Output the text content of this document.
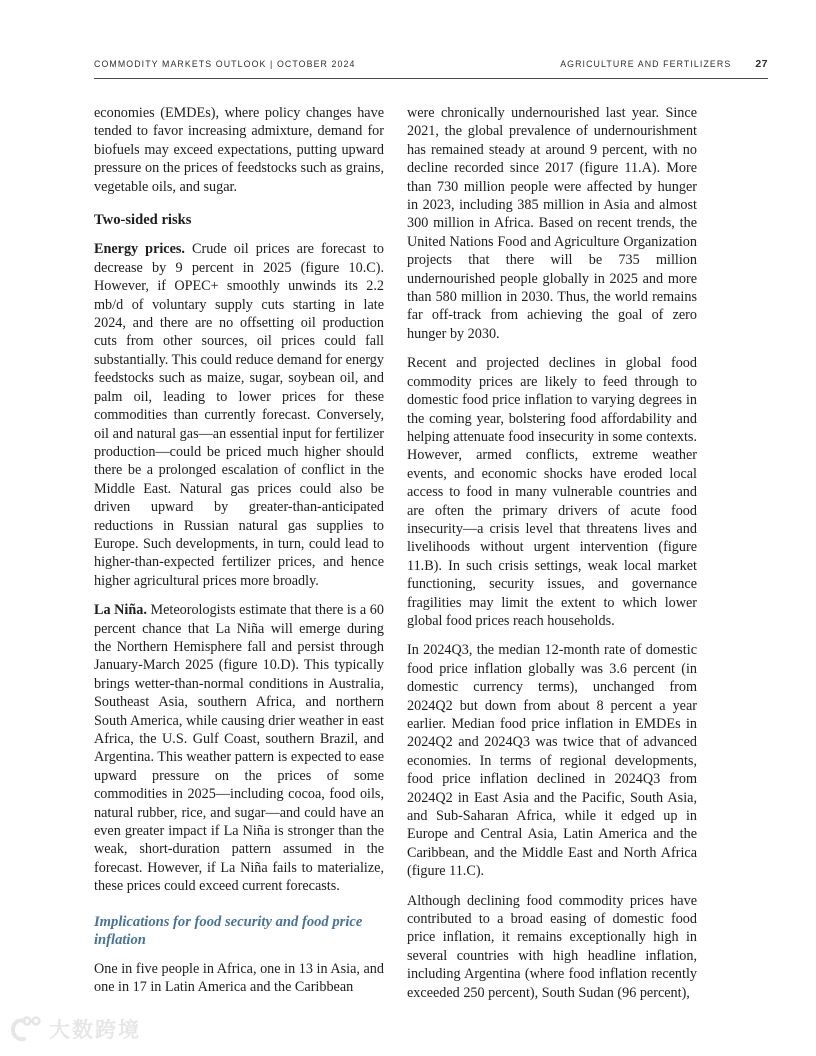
COMMODITY MARKETS OUTLOOK | OCTOBER 2024	AGRICULTURE AND FERTILIZERS 27

economies (EMDEs), where policy changes have tended to favor increasing admixture, demand for biofuels may exceed expectations, putting upward pressure on the prices of feedstocks such as grains, vegetable oils, and sugar.

Two-sided risks

Energy prices. Crude oil prices are forecast to decrease by 9 percent in 2025 (figure 10.C). However, if OPEC+ smoothly unwinds its 2.2 mb/d of voluntary supply cuts starting in late 2024, and there are no offsetting oil production cuts from other sources, oil prices could fall substantially. This could reduce demand for energy feedstocks such as maize, sugar, soybean oil, and palm oil, leading to lower prices for these commodities than currently forecast. Conversely, oil and natural gas—an essential input for fertilizer production—could be priced much higher should there be a prolonged escalation of conflict in the Middle East. Natural gas prices could also be driven upward by greater-than-anticipated reductions in Russian natural gas supplies to Europe. Such developments, in turn, could lead to higher-than-expected fertilizer prices, and hence higher agricultural prices more broadly.

La Niña. Meteorologists estimate that there is a 60 percent chance that La Niña will emerge during the Northern Hemisphere fall and persist through January-March 2025 (figure 10.D). This typically brings wetter-than-normal conditions in Australia, Southeast Asia, southern Africa, and northern South America, while causing drier weather in east Africa, the U.S. Gulf Coast, southern Brazil, and Argentina. This weather pattern is expected to ease upward pressure on the prices of some commodities in 2025—including cocoa, food oils, natural rubber, rice, and sugar—and could have an even greater impact if La Niña is stronger than the weak, short-duration pattern assumed in the forecast. However, if La Niña fails to materialize, these prices could exceed current forecasts.

Implications for food security and food price inflation

One in five people in Africa, one in 13 in Asia, and one in 17 in Latin America and the Caribbean

were chronically undernourished last year. Since 2021, the global prevalence of undernourishment has remained steady at around 9 percent, with no decline recorded since 2017 (figure 11.A). More than 730 million people were affected by hunger in 2023, including 385 million in Asia and almost 300 million in Africa. Based on recent trends, the United Nations Food and Agriculture Organization projects that there will be 735 million undernourished people globally in 2025 and more than 580 million in 2030. Thus, the world remains far off-track from achieving the goal of zero hunger by 2030.

Recent and projected declines in global food commodity prices are likely to feed through to domestic food price inflation to varying degrees in the coming year, bolstering food affordability and helping attenuate food insecurity in some contexts. However, armed conflicts, extreme weather events, and economic shocks have eroded local access to food in many vulnerable countries and are often the primary drivers of acute food insecurity—a crisis level that threatens lives and livelihoods without urgent intervention (figure 11.B). In such crisis settings, weak local market functioning, security issues, and governance fragilities may limit the extent to which lower global food prices reach households.

In 2024Q3, the median 12-month rate of domestic food price inflation globally was 3.6 percent (in domestic currency terms), unchanged from 2024Q2 but down from about 8 percent a year earlier. Median food price inflation in EMDEs in 2024Q2 and 2024Q3 was twice that of advanced economies. In terms of regional developments, food price inflation declined in 2024Q3 from 2024Q2 in East Asia and the Pacific, South Asia, and Sub-Saharan Africa, while it edged up in Europe and Central Asia, Latin America and the Caribbean, and the Middle East and North Africa (figure 11.C).

Although declining food commodity prices have contributed to a broad easing of domestic food price inflation, it remains exceptionally high in several countries with high headline inflation, including Argentina (where food inflation recently exceeded 250 percent), South Sudan (96 percent),

大数跨境
